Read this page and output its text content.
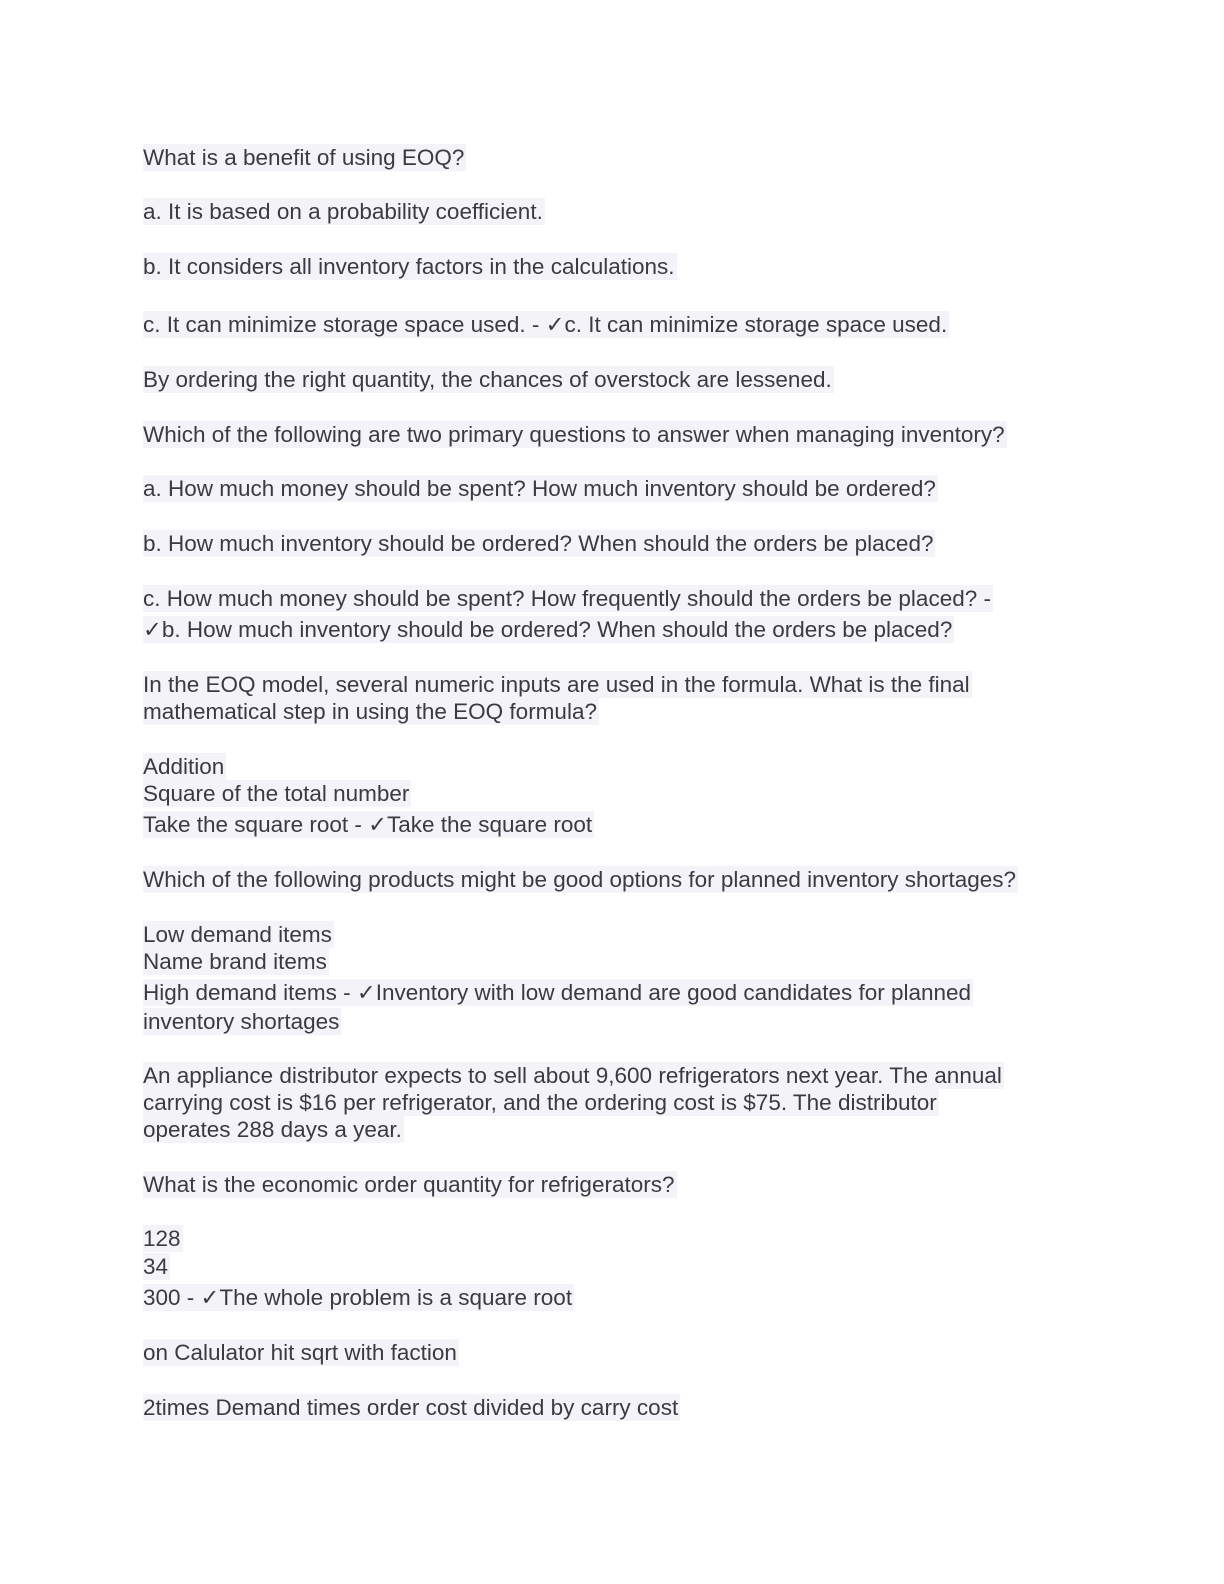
What is a benefit of using EOQ?
a. It is based on a probability coefficient.
b. It considers all inventory factors in the calculations.
c. It can minimize storage space used. - ✓c. It can minimize storage space used.
By ordering the right quantity, the chances of overstock are lessened.
Which of the following are two primary questions to answer when managing inventory?
a. How much money should be spent? How much inventory should be ordered?
b. How much inventory should be ordered? When should the orders be placed?
c. How much money should be spent? How frequently should the orders be placed? -
✓b. How much inventory should be ordered? When should the orders be placed?
In the EOQ model, several numeric inputs are used in the formula. What is the final
mathematical step in using the EOQ formula?
Addition
Square of the total number
Take the square root - ✓Take the square root
Which of the following products might be good options for planned inventory shortages?
Low demand items
Name brand items
High demand items - ✓Inventory with low demand are good candidates for planned
inventory shortages
An appliance distributor expects to sell about 9,600 refrigerators next year. The annual
carrying cost is $16 per refrigerator, and the ordering cost is $75. The distributor
operates 288 days a year.
What is the economic order quantity for refrigerators?
128
34
300 - ✓The whole problem is a square root
on Calulator hit sqrt with faction
2times Demand times order cost divided by carry cost
